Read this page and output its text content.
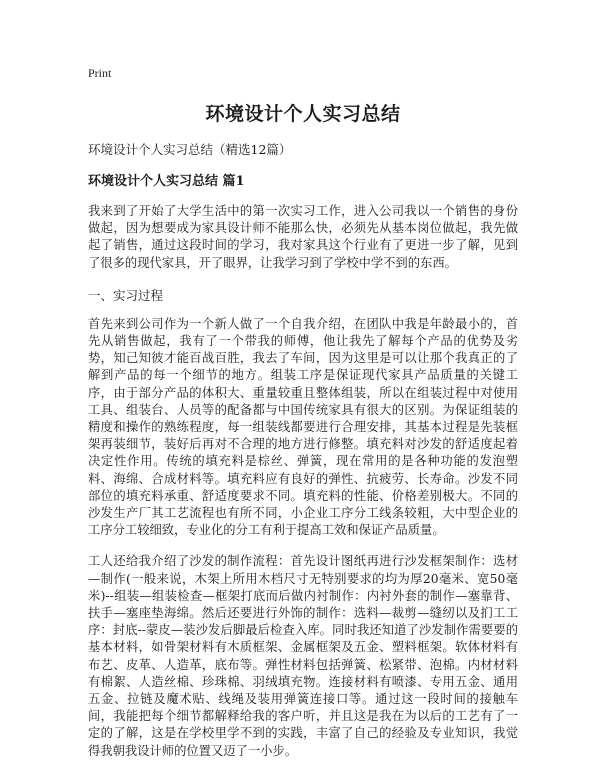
Print
环境设计个人实习总结
环境设计个人实习总结（精选12篇）
环境设计个人实习总结 篇1

我来到了开始了大学生活中的第一次实习工作，进入公司我以一个销售的身份做起，因为想要成为家具设计师不能那么快，必须先从基本岗位做起，我先做起了销售，通过这段时间的学习，我对家具这个行业有了更进一步了解，见到了很多的现代家具，开了眼界，让我学习到了学校中学不到的东西。

一、实习过程

首先来到公司作为一个新人做了一个自我介绍，在团队中我是年龄最小的，首先从销售做起，我有了一个带我的师傅，他让我先了解每个产品的优势及劣势，知己知彼才能百战百胜，我去了车间，因为这里是可以让那个我真正的了解到产品的每一个细节的地方。组装工序是保证现代家具产品质量的关键工序，由于部分产品的体积大、重量较重且整体组装，所以在组装过程中对使用工具、组装台、人员等的配备都与中国传统家具有很大的区别。为保证组装的精度和操作的熟练程度，每一组装线都要进行合理安排，其基本过程是先装框架再装细节，装好后再对不合理的地方进行修整。填充料对沙发的舒适度起着决定性作用。传统的填充料是棕丝、弹簧，现在常用的是各种功能的发泡塑料、海绵、合成材料等。填充料应有良好的弹性、抗疲劳、长寿命。沙发不同部位的填充料承重、舒适度要求不同。填充料的性能、价格差别极大。不同的沙发生产厂其工艺流程也有所不同，小企业工序分工线条较粗，大中型企业的工序分工较细致，专业化的分工有利于提高工效和保证产品质量。

工人还给我介绍了沙发的制作流程：首先设计图纸再进行沙发框架制作：选材—制作(一般来说，木架上所用木档尺寸无特别要求的均为厚20毫米、宽50毫米)--组装—组装检查—框架打底而后做内衬制作：内衬外套的制作—塞靠背、扶手—塞座垫海绵。然后还要进行外饰的制作：选料—裁剪—缝纫以及扪工工序：封底--蒙皮—装沙发后脚最后检查入库。同时我还知道了沙发制作需要要的基本材料，如骨架材料有木质框架、金属框架及五金、塑料框架。软体材料有布艺、皮革、人造革，底布等。弹性材料包括弹簧、松紧带、泡棉。内材材料有棉絮、人造丝棉、珍珠棉、羽绒填充物。连接材料有喷漆、专用五金、通用五金、拉链及魔术贴、线绳及装用弹簧连接口等。通过这一段时间的接触车间，我能把每个细节都解释给我的客户听，并且这是我在为以后的工艺有了一定的了解，这是在学校里学不到的实践，丰富了自己的经验及专业知识，我觉得我朝我设计师的位置又迈了一小步。
